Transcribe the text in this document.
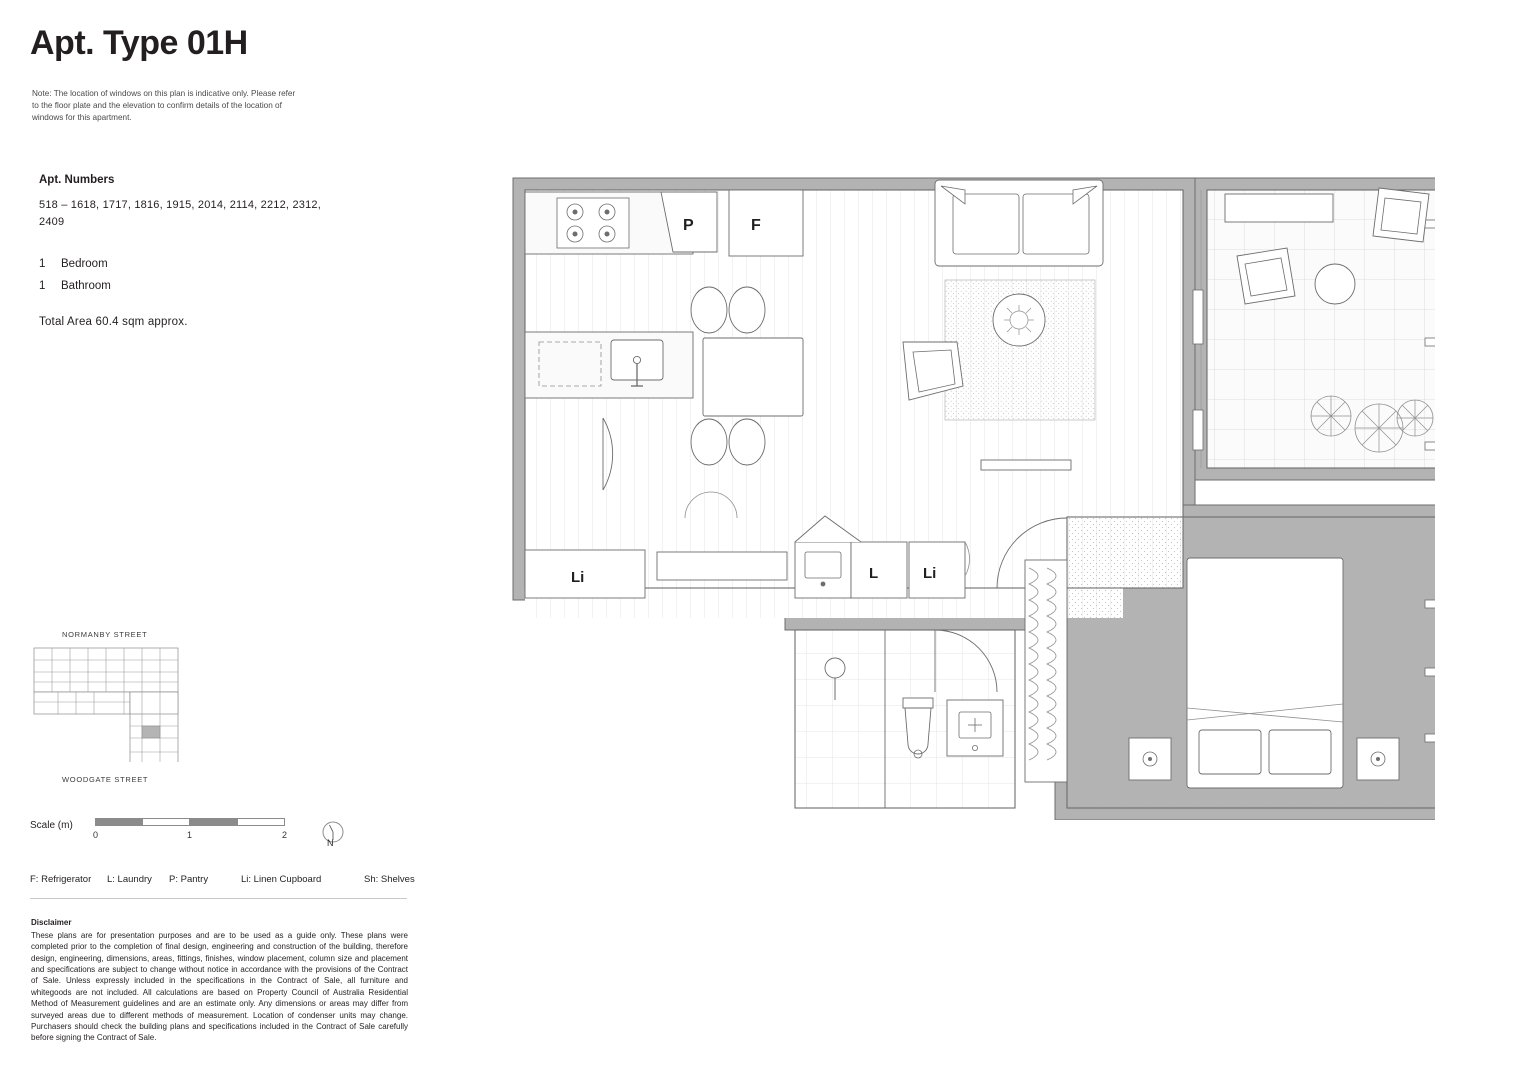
Apt. Type 01H
Note: The location of windows on this plan is indicative only. Please refer to the floor plate and the elevation to confirm details of the location of windows for this apartment.
Apt. Numbers
518 – 1618, 1717, 1816, 1915, 2014, 2114, 2212, 2312, 2409
1 Bedroom
1 Bathroom
Total Area 60.4 sqm approx.
NORMANBY STREET
WOODGATE STREET
Scale (m)
0	1	2
N
F: Refrigerator L: Laundry P: Pantry	Li: Linen Cupboard	Sh: Shelves
Disclaimer
These plans are for presentation purposes and are to be used as a guide only. These plans were completed prior to the completion of final design, engineering and construction of the building, therefore design, engineering, dimensions, areas, fittings, finishes, window placement, column size and placement and specifications are subject to change without notice in accordance with the provisions of the Contract of Sale. Unless expressly included in the specifications in the Contract of Sale, all furniture and whitegoods are not included. All calculations are based on Property Council of Australia Residential Method of Measurement guidelines and are an estimate only. Any dimensions or areas may differ from surveyed areas due to different methods of measurement. Location of condenser units may change. Purchasers should check the building plans and specifications included in the Contract of Sale carefully before signing the Contract of Sale.
P	F
Li	L	Li
